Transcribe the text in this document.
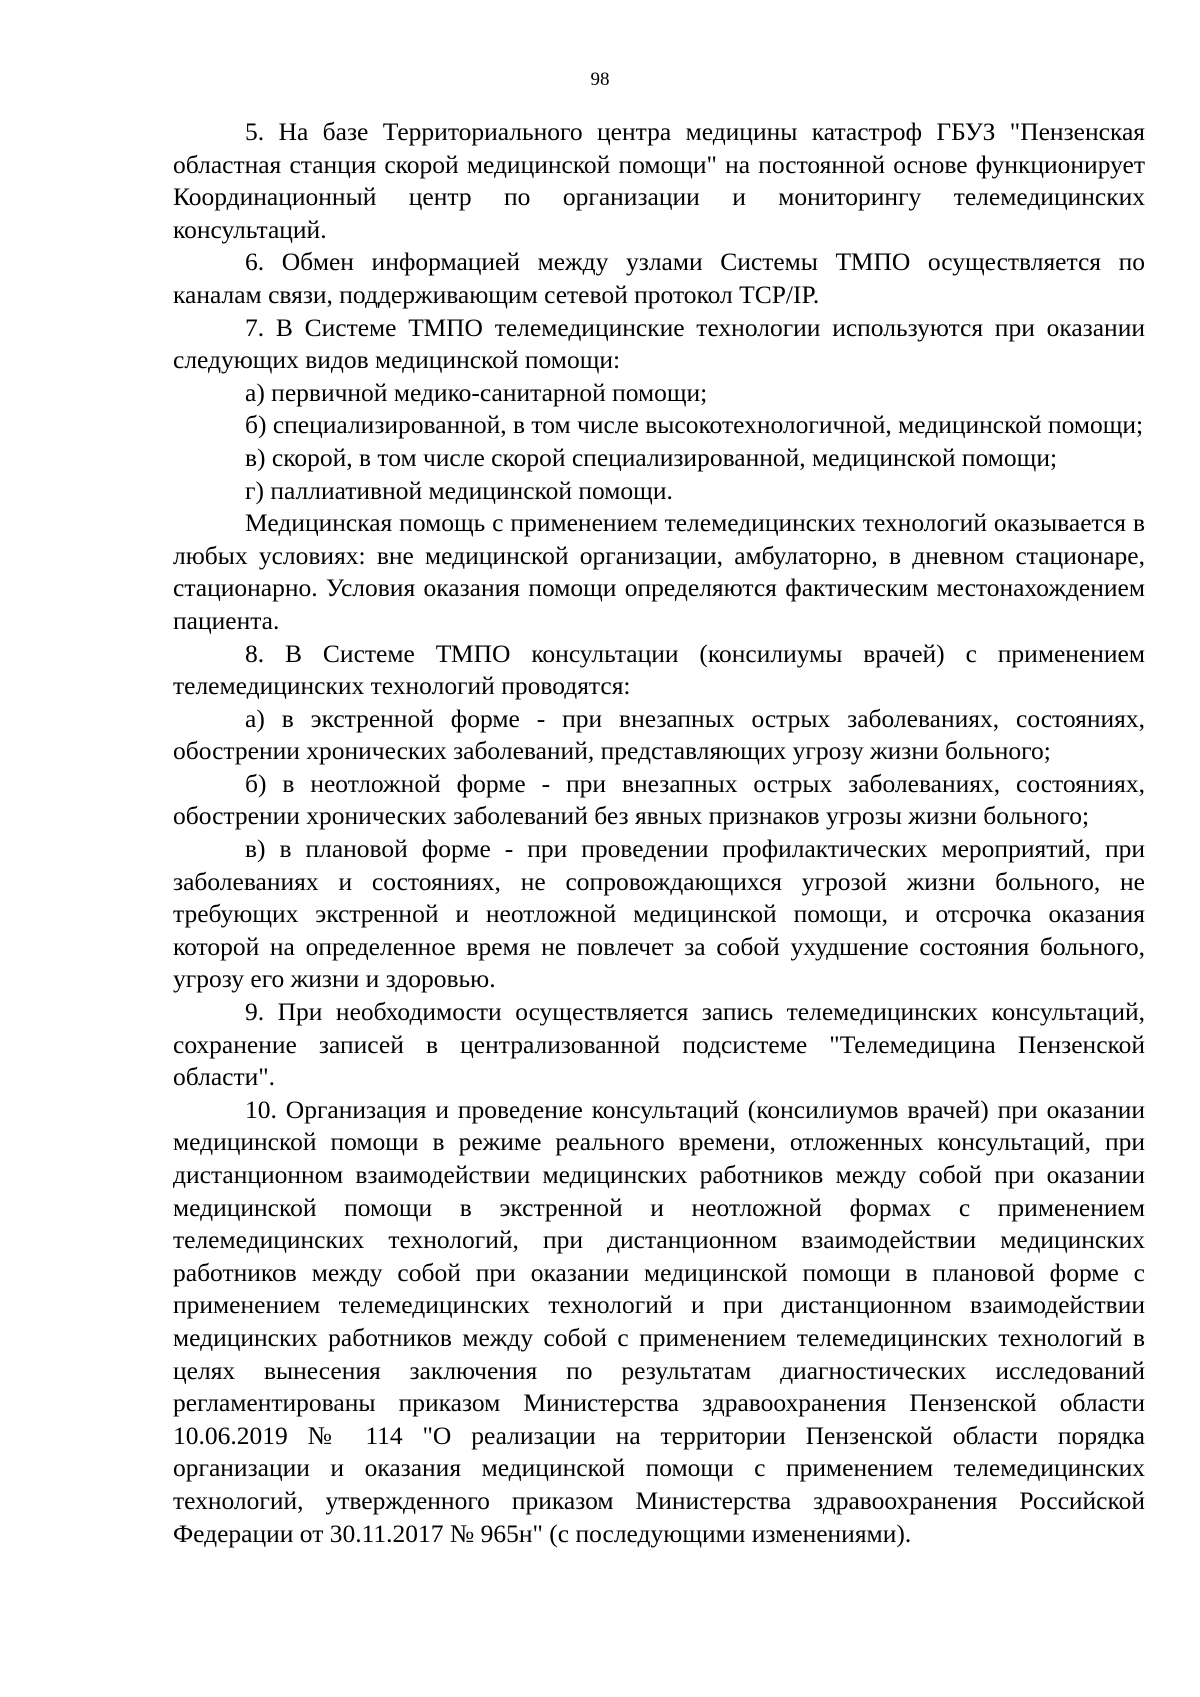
98

5. На базе Территориального центра медицины катастроф ГБУЗ "Пензенская областная станция скорой медицинской помощи" на постоянной основе функционирует Координационный центр по организации и мониторингу телемедицинских консультаций.

6. Обмен информацией между узлами Системы ТМПО осуществляется по каналам связи, поддерживающим сетевой протокол TCP/IP.

7. В Системе ТМПО телемедицинские технологии используются при оказании следующих видов медицинской помощи:

а) первичной медико-санитарной помощи;

б) специализированной, в том числе высокотехнологичной, медицинской помощи;

в) скорой, в том числе скорой специализированной, медицинской помощи;

г) паллиативной медицинской помощи.

Медицинская помощь с применением телемедицинских технологий оказывается в любых условиях: вне медицинской организации, амбулаторно, в дневном стационаре, стационарно. Условия оказания помощи определяются фактическим местонахождением пациента.

8. В Системе ТМПО консультации (консилиумы врачей) с применением телемедицинских технологий проводятся:

а) в экстренной форме - при внезапных острых заболеваниях, состояниях, обострении хронических заболеваний, представляющих угрозу жизни больного;

б) в неотложной форме - при внезапных острых заболеваниях, состояниях, обострении хронических заболеваний без явных признаков угрозы жизни больного;

в) в плановой форме - при проведении профилактических мероприятий, при заболеваниях и состояниях, не сопровождающихся угрозой жизни больного, не требующих экстренной и неотложной медицинской помощи, и отсрочка оказания которой на определенное время не повлечет за собой ухудшение состояния больного, угрозу его жизни и здоровью.

9. При необходимости осуществляется запись телемедицинских консультаций, сохранение записей в централизованной подсистеме "Телемедицина Пензенской области".

10. Организация и проведение консультаций (консилиумов врачей) при оказании медицинской помощи в режиме реального времени, отложенных консультаций, при дистанционном взаимодействии медицинских работников между собой при оказании медицинской помощи в экстренной и неотложной формах с применением телемедицинских технологий, при дистанционном взаимодействии медицинских работников между собой при оказании медицинской помощи в плановой форме с применением телемедицинских технологий и при дистанционном взаимодействии медицинских работников между собой с применением телемедицинских технологий в целях вынесения заключения по результатам диагностических исследований регламентированы приказом Министерства здравоохранения Пензенской области 10.06.2019 № 114 "О реализации на территории Пензенской области порядка организации и оказания медицинской помощи с применением телемедицинских технологий, утвержденного приказом Министерства здравоохранения Российской Федерации от 30.11.2017 № 965н" (с последующими изменениями).
